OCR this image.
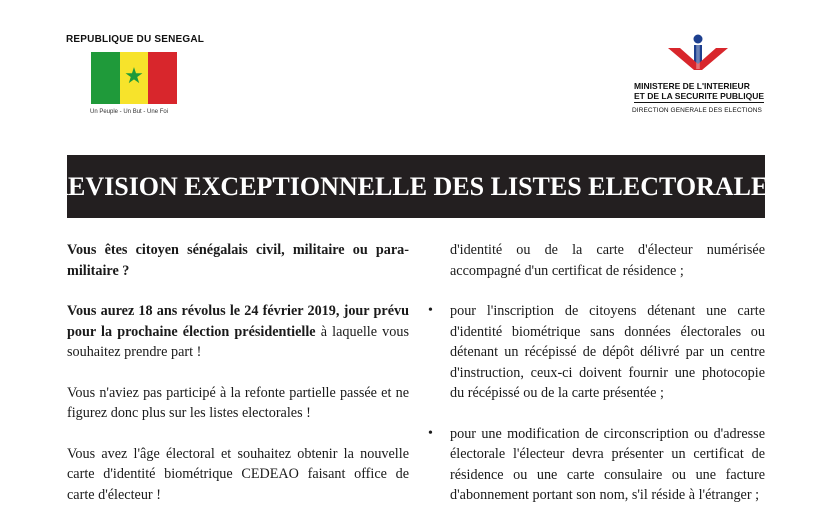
REPUBLIQUE DU SENEGAL
★
Un Peuple - Un But - Une Foi
MINISTERE DE L'INTERIEUR
ET DE LA SECURITE PUBLIQUE
DIRECTION GENERALE DES ELECTIONS
REVISION EXCEPTIONNELLE DES LISTES ELECTORALES

Vous êtes citoyen sénégalais civil, militaire ou para-militaire ?

Vous aurez 18 ans révolus le 24 février 2019, jour prévu pour la prochaine élection présidentielle à laquelle vous souhaitez prendre part !

Vous n'aviez pas participé à la refonte partielle passée et ne figurez donc plus sur les listes electorales !

Vous avez l'âge électoral et souhaitez obtenir la nouvelle carte d'identité biométrique CEDEAO faisant office de carte d'électeur !

d'identité ou de la carte d'électeur numérisée accompagné d'un certificat de résidence ;

• pour l'inscription de citoyens détenant une carte d'identité biométrique sans données électorales ou détenant un récépissé de dépôt délivré par un centre d'instruction, ceux-ci doivent fournir une photocopie du récépissé ou de la carte présentée ;
• pour une modification de circonscription ou d'adresse électorale l'électeur devra présenter un certificat de résidence ou une carte consulaire ou une facture d'abonnement portant son nom, s'il réside à l'étranger ;
